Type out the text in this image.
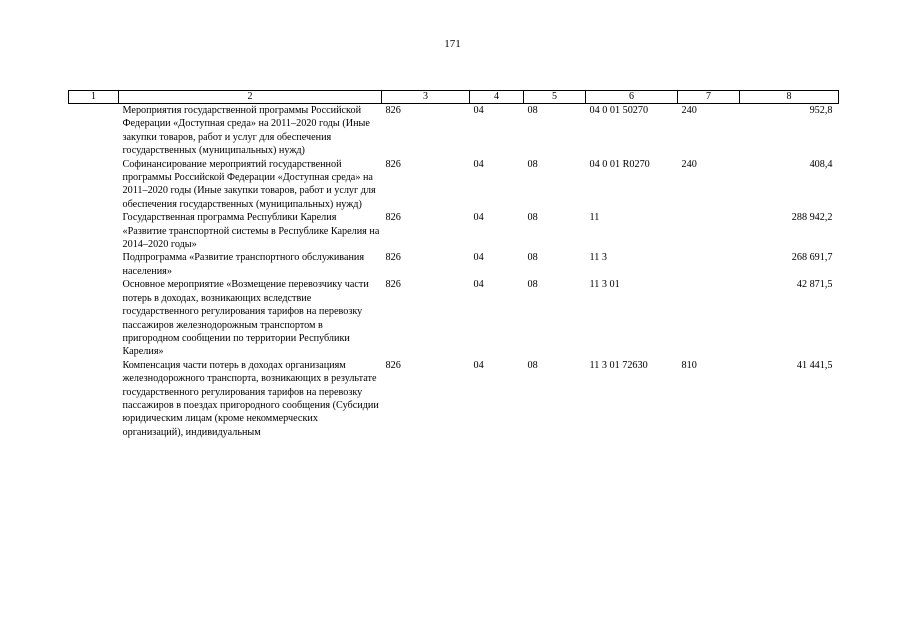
171
1	2	3	4	5	6	7	8
	Мероприятия государственной программы Российской Федерации «Доступная среда» на 2011–2020 годы (Иные закупки товаров, работ и услуг для обеспечения государственных (муниципальных) нужд)	826	04	08	04 0 01 50270	240	952,8
	Софинансирование мероприятий государственной программы Российской Федерации «Доступная среда» на 2011–2020 годы (Иные закупки товаров, работ и услуг для обеспечения государственных (муниципальных) нужд)	826	04	08	04 0 01 R0270	240	408,4
	Государственная программа Республики Карелия «Развитие транспортной системы в Республике Карелия на 2014–2020 годы»	826	04	08	11		288 942,2
	Подпрограмма «Развитие транспортного обслуживания населения»	826	04	08	11 3		268 691,7
	Основное мероприятие «Возмещение перевозчику части потерь в доходах, возникающих вследствие государственного регулирования тарифов на перевозку пассажиров железнодорожным транспортом в пригородном сообщении по территории Республики Карелия»	826	04	08	11 3 01		42 871,5
	Компенсация части потерь в доходах организациям железнодорожного транспорта, возникающих в результате государственного регулирования тарифов на перевозку пассажиров в поездах пригородного сообщения (Субсидии юридическим лицам (кроме некоммерческих организаций), индивидуальным	826	04	08	11 3 01 72630	810	41 441,5
